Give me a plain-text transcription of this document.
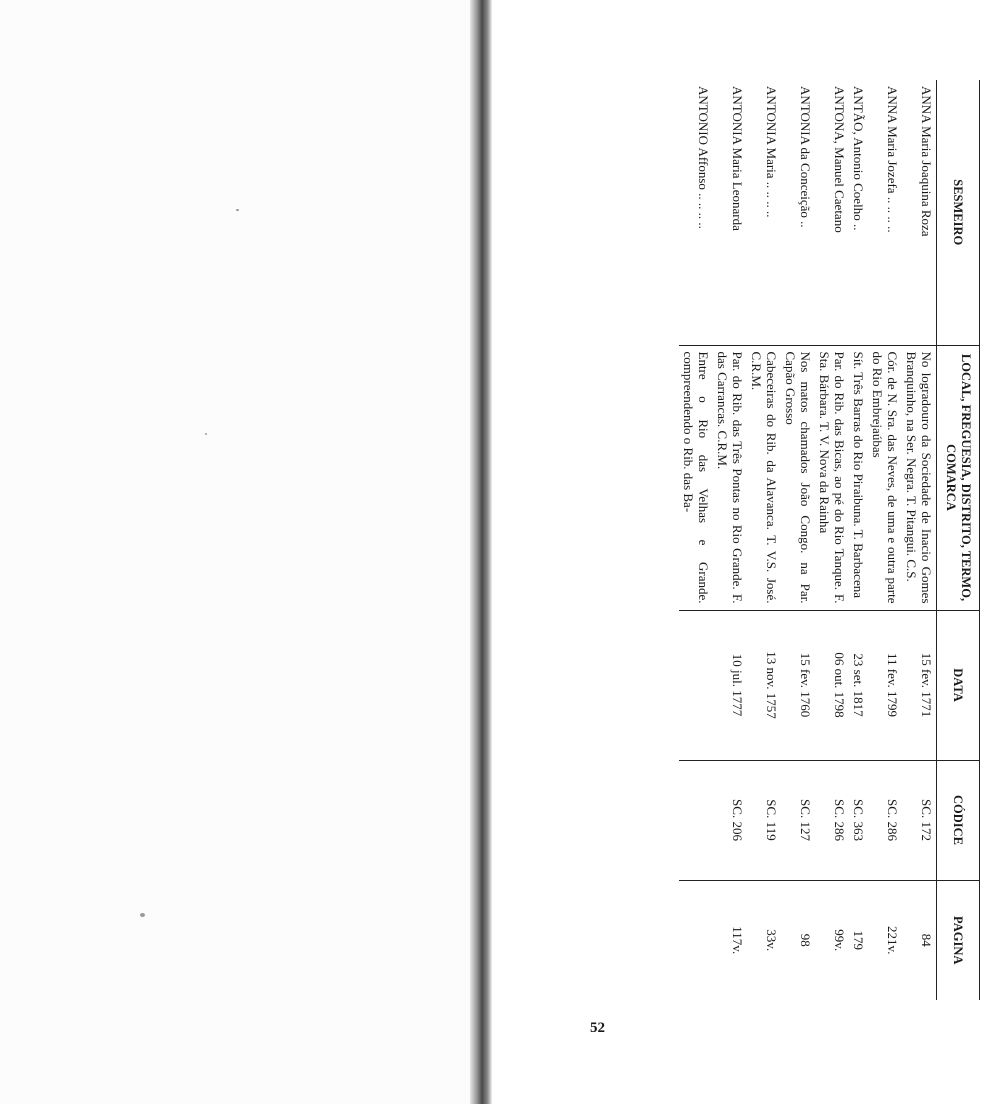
52
SESMEIRO	LOCAL, FREGUESIA, DISTRITO, TERMO, COMARCA	DATA	CÓDICE	PAGINA
ANNA Maria Joaquina Roza	No logradouro da Sociedade de Inacio Gomes Branquinho, na Ser. Negra. T. Pitangui. C.S.	15 fev. 1771	SC. 172	84
ANNA Maria Jozefa .. .. .. ..	Cór. de N. Sra. das Neves, de uma e outra parte do Rio Embrejaúbas	11 fev. 1799	SC. 286	221v.
ANTÃO, Antonio Coelho ..	Sít. Três Barras do Rio Piraibuna. T. Barbacena	23 set. 1817	SC. 363	179
ANTONA, Manuel Caetano	Par. do Rib. das Bicas, ao pé do Rio Tanque. F. Sta. Bárbara. T. V. Nova da Rainha	06 out. 1798	SC. 286	99v.
ANTONIA da Conceição ..	Nos matos chamados João Congo. na Par. Capão Grosso	15 fev. 1760	SC. 127	98
ANTONIA Maria .. .. .. ..	Cabeceiras do Rib. da Alavanca. T. V.S. José. C.R.M.	13 nov. 1757	SC. 119	33v.
ANTONIA Maria Leonarda	Par. do Rib. das Três Pontas no Rio Grande. F. das Carrancas. C.R.M.	10 jul. 1777	SC. 206	117v.
ANTONIO Affonso .. .. .. ..	Entre o Rio das Velhas e Grande. compreendendo o Rib. das Ba-			
